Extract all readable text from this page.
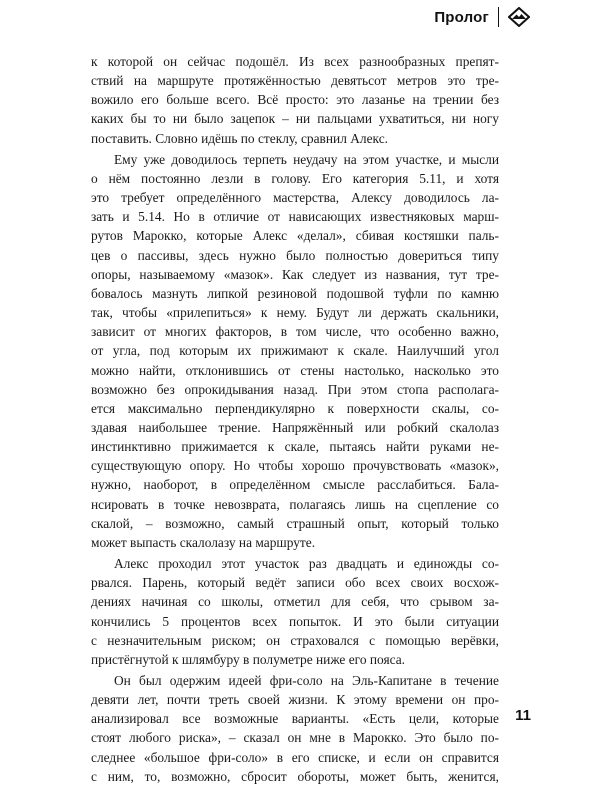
Пролог
к которой он сейчас подошёл. Из всех разнообразных препят-
ствий на маршруте протяжённостью девятьсот метров это тре-
вожило его больше всего. Всё просто: это лазанье на трении без
каких бы то ни было зацепок – ни пальцами ухватиться, ни ногу
поставить. Словно идёшь по стеклу, сравнил Алекс.
Ему уже доводилось терпеть неудачу на этом участке, и мысли
о нём постоянно лезли в голову. Его категория 5.11, и хотя
это требует определённого мастерства, Алексу доводилось ла-
зать и 5.14. Но в отличие от нависающих известняковых марш-
рутов Марокко, которые Алекс «делал», сбивая костяшки паль-
цев о пассивы, здесь нужно было полностью довериться типу
опоры, называемому «мазок». Как следует из названия, тут тре-
бовалось мазнуть липкой резиновой подошвой туфли по камню
так, чтобы «прилепиться» к нему. Будут ли держать скальники,
зависит от многих факторов, в том числе, что особенно важно,
от угла, под которым их прижимают к скале. Наилучший угол
можно найти, отклонившись от стены настолько, насколько это
возможно без опрокидывания назад. При этом стопа располага-
ется максимально перпендикулярно к поверхности скалы, со-
здавая наибольшее трение. Напряжённый или робкий скалолаз
инстинктивно прижимается к скале, пытаясь найти руками не-
существующую опору. Но чтобы хорошо прочувствовать «мазок»,
нужно, наоборот, в определённом смысле расслабиться. Бала-
нсировать в точке невозврата, полагаясь лишь на сцепление со
скалой, – возможно, самый страшный опыт, который только
может выпасть скалолазу на маршруте.
Алекс проходил этот участок раз двадцать и единожды со-
рвался. Парень, который ведёт записи обо всех своих восхож-
дениях начиная со школы, отметил для себя, что срывом за-
кончились 5 процентов всех попыток. И это были ситуации
с незначительным риском; он страховался с помощью верёвки,
пристёгнутой к шлямбуру в полуметре ниже его пояса.
Он был одержим идеей фри-соло на Эль-Капитане в течение
девяти лет, почти треть своей жизни. К этому времени он про-
анализировал все возможные варианты. «Есть цели, которые
стоят любого риска», – сказал он мне в Марокко. Это было по-
следнее «большое фри-соло» в его списке, и если он справится
с ним, то, возможно, сбросит обороты, может быть, женится,
11
